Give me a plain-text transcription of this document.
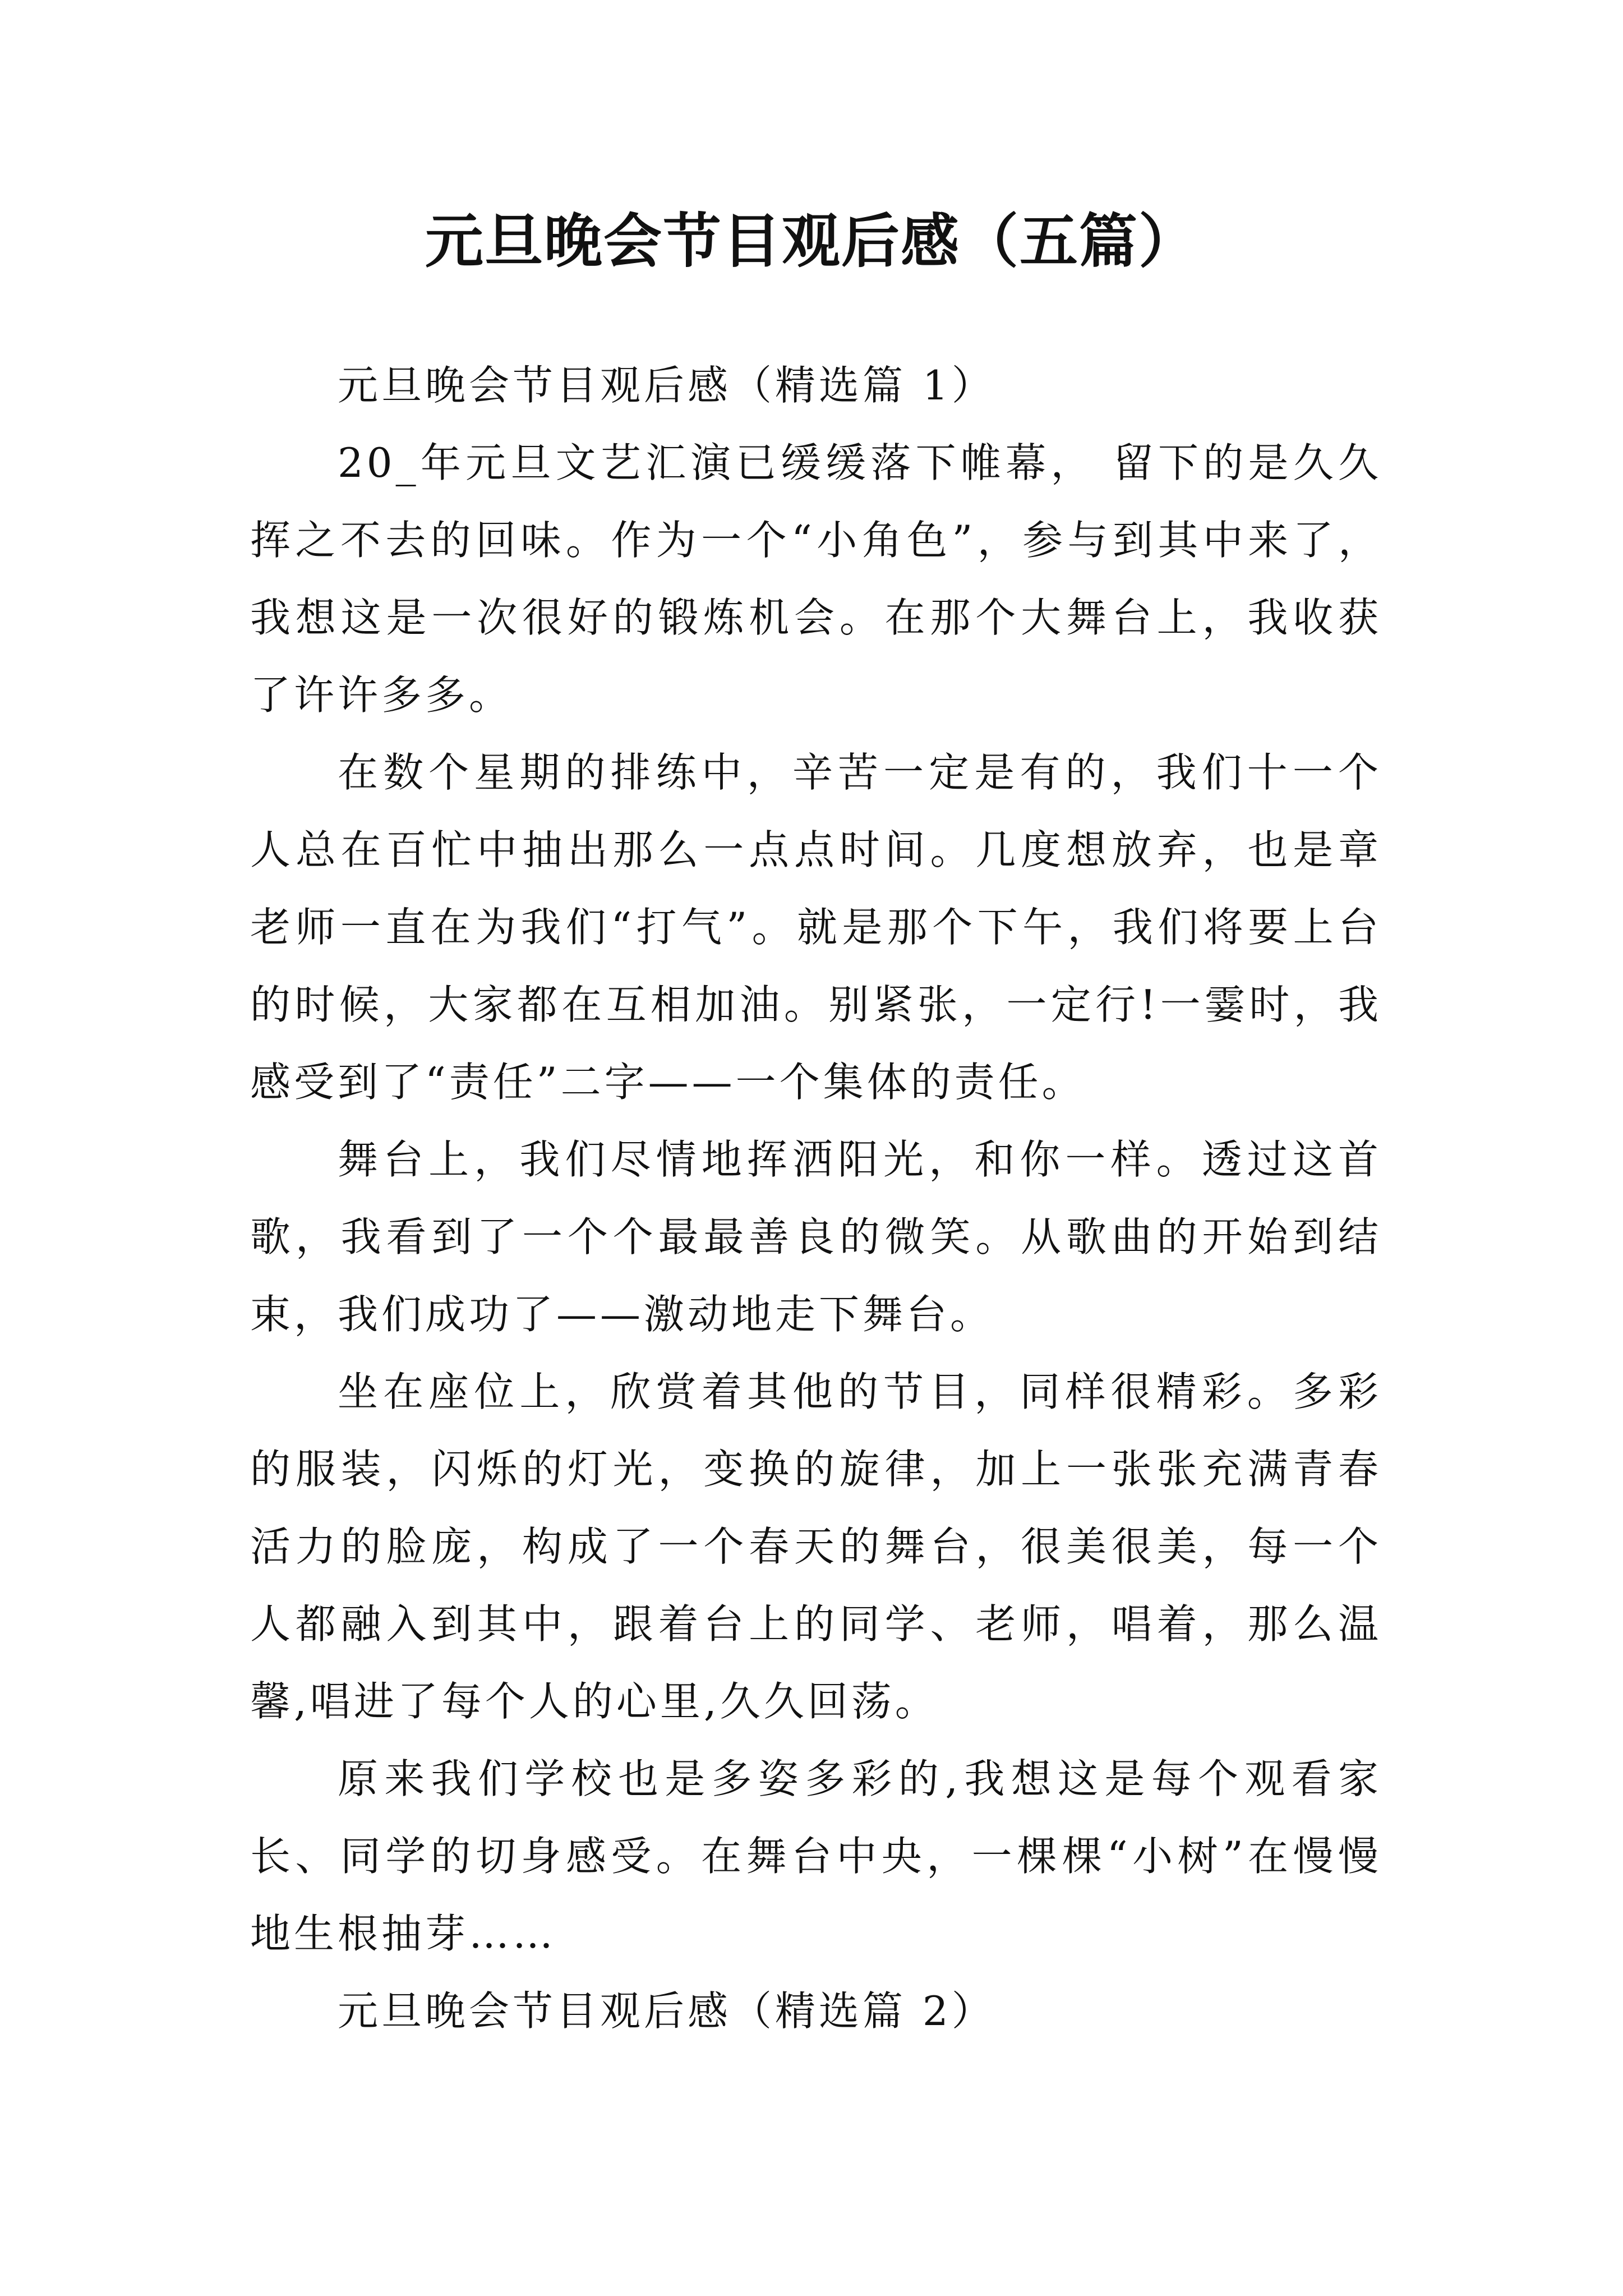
元旦晚会节目观后感（五篇）

元旦晚会节目观后感（精选篇 1）

20_年元旦文艺汇演已缓缓落下帷幕， 留下的是久久挥之不去的回味。作为一个“小角色”，参与到其中来了，我想这是一次很好的锻炼机会。在那个大舞台上，我收获了许许多多。

在数个星期的排练中，辛苦一定是有的，我们十一个人总在百忙中抽出那么一点点时间。几度想放弃，也是章老师一直在为我们“打气”。就是那个下午，我们将要上台的时候，大家都在互相加油。别紧张，一定行!一霎时，我感受到了“责任”二字——一个集体的责任。

舞台上，我们尽情地挥洒阳光，和你一样。透过这首歌，我看到了一个个最最善良的微笑。从歌曲的开始到结束，我们成功了——激动地走下舞台。

坐在座位上，欣赏着其他的节目，同样很精彩。多彩的服装，闪烁的灯光，变换的旋律，加上一张张充满青春活力的脸庞，构成了一个春天的舞台，很美很美，每一个人都融入到其中，跟着台上的同学、老师，唱着，那么温馨,唱进了每个人的心里,久久回荡。

原来我们学校也是多姿多彩的,我想这是每个观看家长、同学的切身感受。在舞台中央，一棵棵“小树”在慢慢地生根抽芽……

元旦晚会节目观后感（精选篇 2）
